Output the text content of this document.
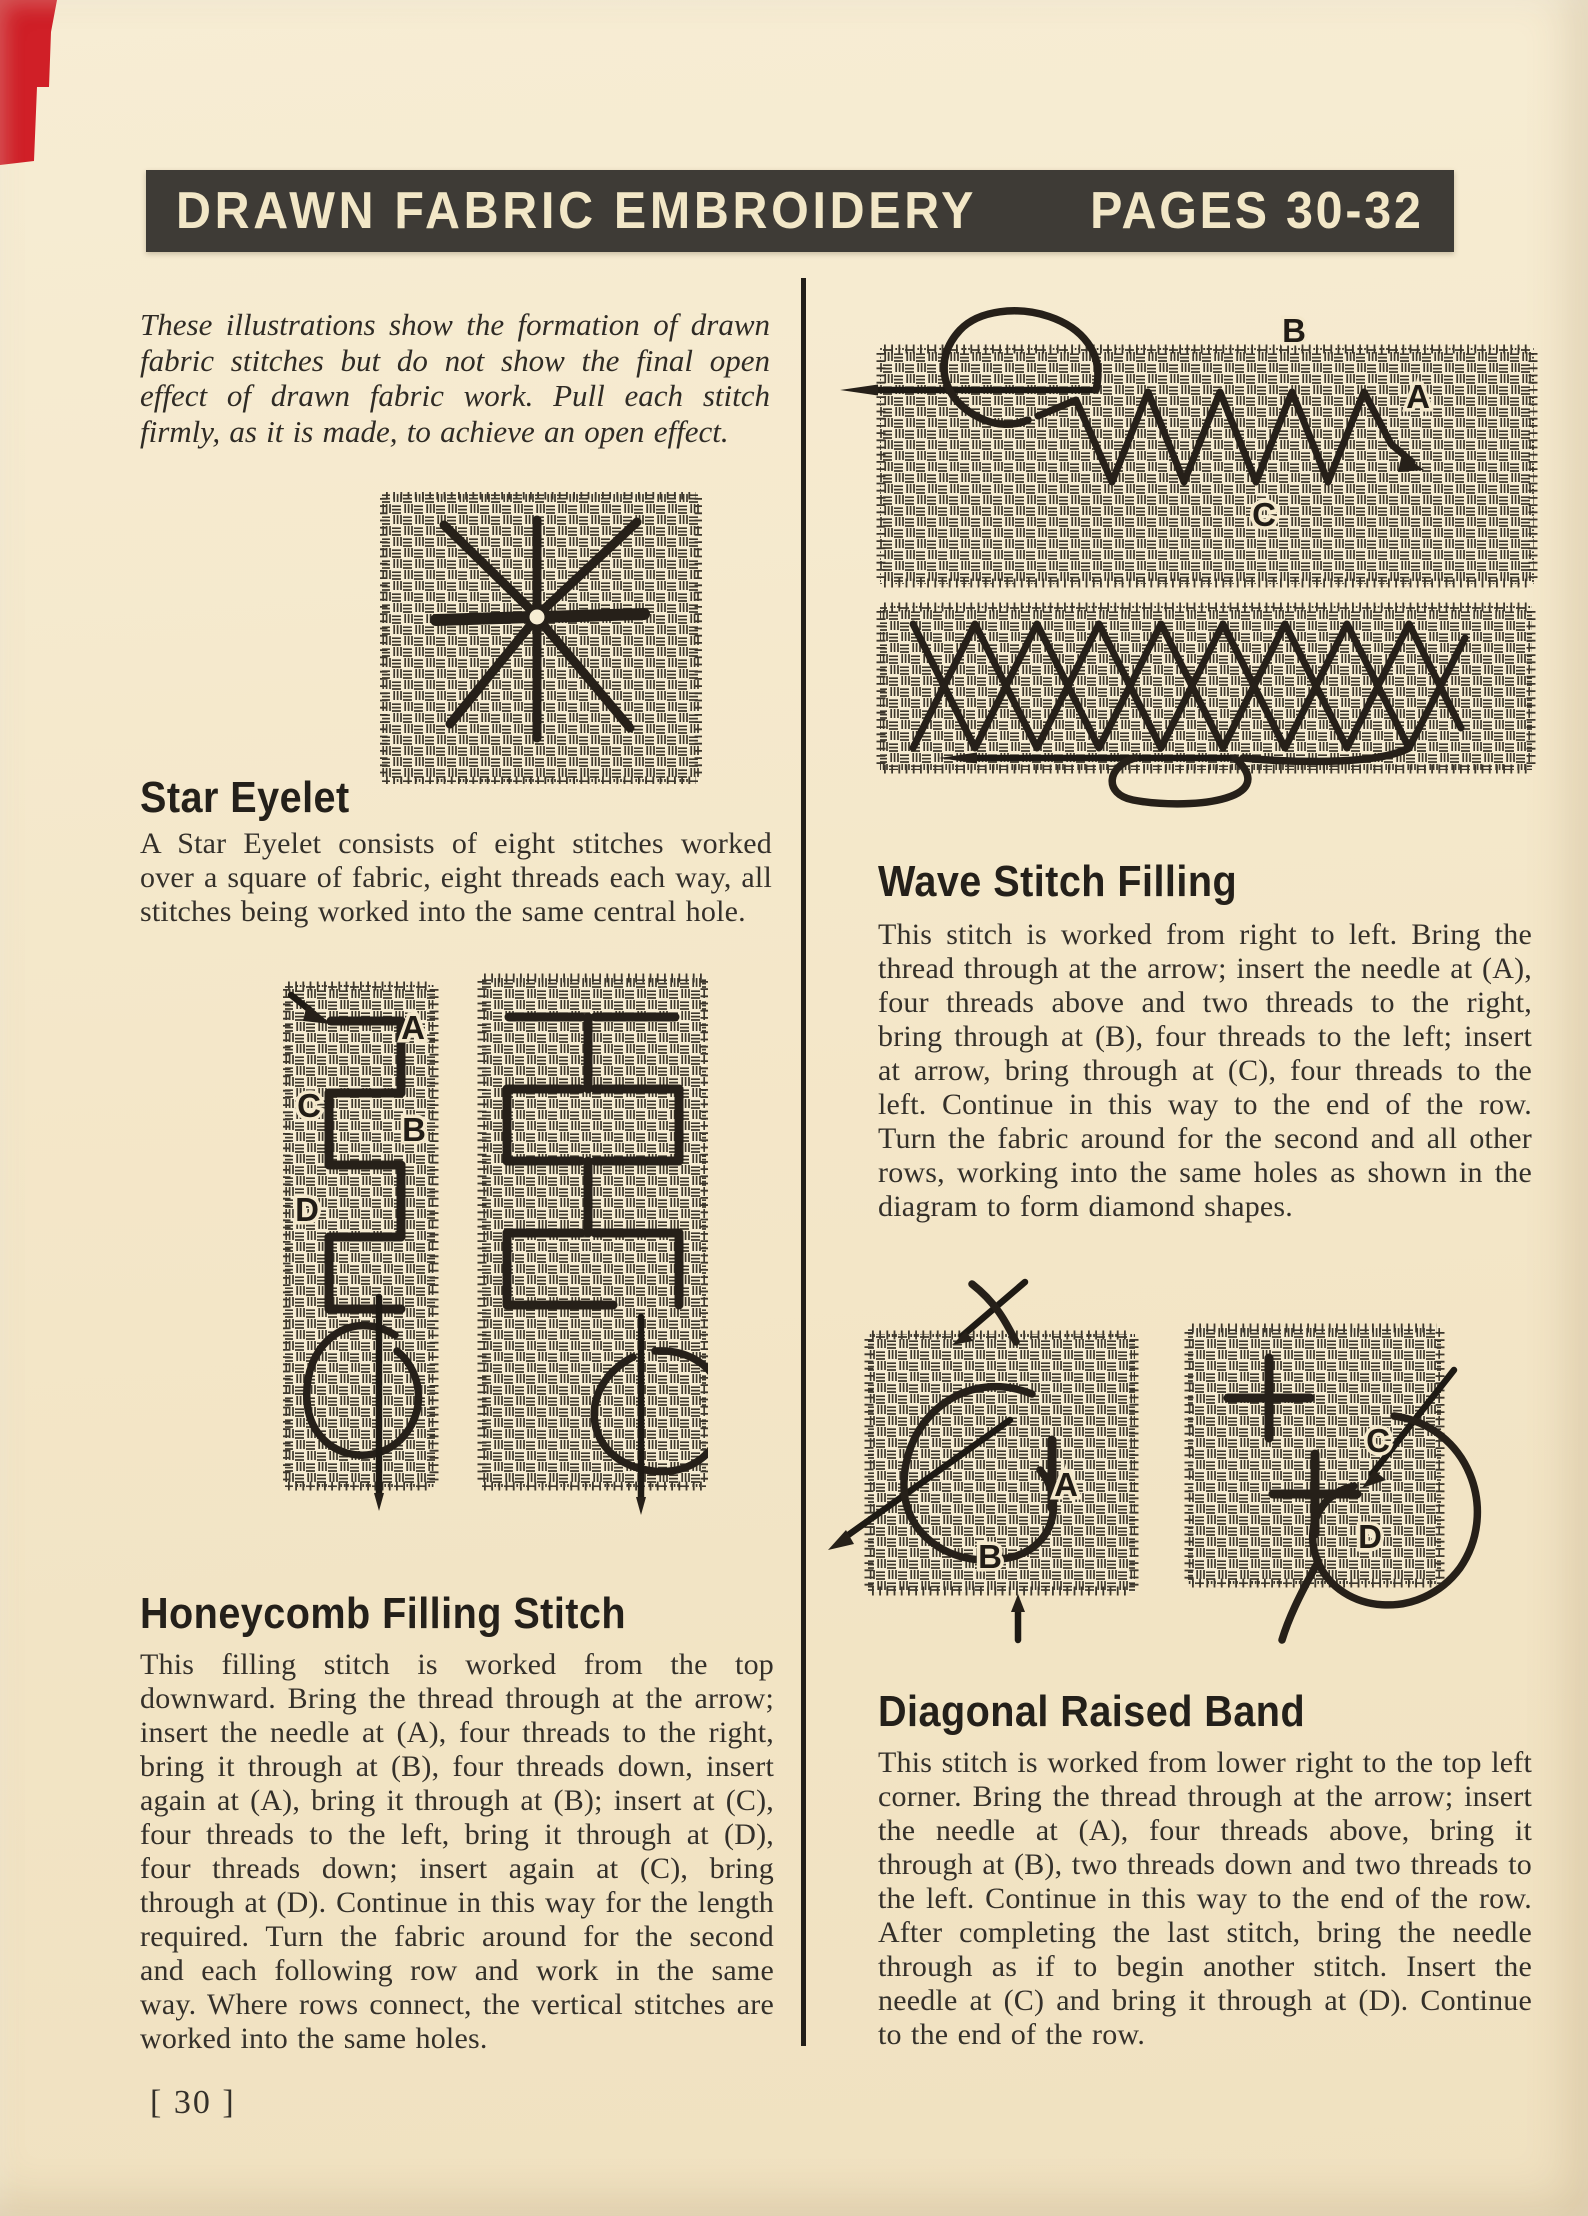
DRAWN FABRIC EMBROIDERY PAGES 30-32

These illustrations show the formation of drawn fabric stitches but do not show the final open effect of drawn fabric work. Pull each stitch firmly, as it is made, to achieve an open effect.

Star Eyelet

A Star Eyelet consists of eight stitches worked over a square of fabric, eight threads each way, all stitches being worked into the same central hole.

A
C
B
D
Honeycomb Filling Stitch

This filling stitch is worked from the top downward. Bring the thread through at the arrow; insert the needle at (A), four threads to the right, bring it through at (B), four threads down, insert again at (A), bring it through at (B); insert at (C), four threads to the left, bring it through at (D), four threads down; insert again at (C), bring through at (D). Continue in this way for the length required. Turn the fabric around for the second and each following row and work in the same way. Where rows connect, the vertical stitches are worked into the same holes.

[ 30 ]
B
A
C
Wave Stitch Filling

This stitch is worked from right to left. Bring the thread through at the arrow; insert the needle at (A), four threads above and two threads to the right, bring through at (B), four threads to the left; insert at arrow, bring through at (C), four threads to the left. Continue in this way to the end of the row. Turn the fabric around for the second and all other rows, working into the same holes as shown in the diagram to form diamond shapes.

A
B
C
D
Diagonal Raised Band

This stitch is worked from lower right to the top left corner. Bring the thread through at the arrow; insert the needle at (A), four threads above, bring it through at (B), two threads down and two threads to the left. Continue in this way to the end of the row. After completing the last stitch, bring the needle through as if to begin another stitch. Insert the needle at (C) and bring it through at (D). Continue to the end of the row.
